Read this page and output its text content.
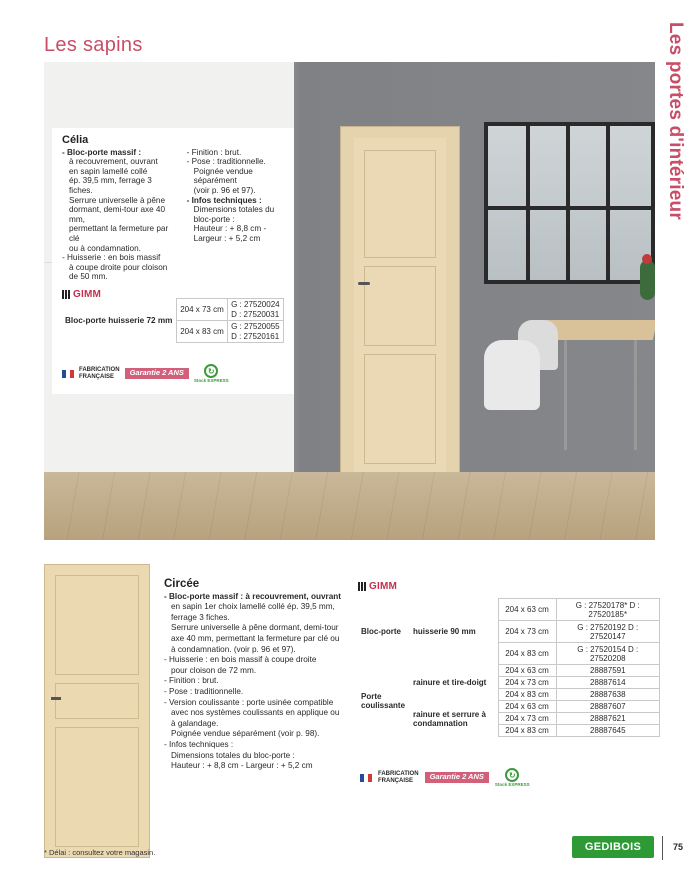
Les sapins	Les portes d'intérieur
Célia
- Bloc-porte massif :
à recouvrement, ouvrant
en sapin lamellé collé
ép. 39,5 mm, ferrage 3 fiches.
Serrure universelle à pêne
dormant, demi-tour axe 40 mm,
permettant la fermeture par clé
ou à condamnation.
- Huisserie : en bois massif
à coupe droite pour cloison
de 50 mm.
- Finition : brut.
- Pose : traditionnelle.
Poignée vendue séparément
(voir p. 96 et 97).
- Infos techniques :
Dimensions totales du
bloc-porte :
Hauteur : + 8,8 cm -
Largeur : + 5,2 cm
GIMM
Bloc-porte huisserie 72 mm	204 x 73 cm	G : 27520024
D : 27520031

	204 x 83 cm	G : 27520055
D : 27520161
FABRICATION
FRANÇAISE	Garantie 2 ANS	↻
Stock EXPRESS
Circée

- Bloc-porte massif : à recouvrement, ouvrant

en sapin 1er choix lamellé collé ép. 39,5 mm,

ferrage 3 fiches.

Serrure universelle à pêne dormant, demi-tour

axe 40 mm, permettant la fermeture par clé ou

à condamnation. (voir p. 96 et 97).

- Huisserie : en bois massif à coupe droite

pour cloison de 72 mm.

- Finition : brut.

- Pose : traditionnelle.

- Version coulissante : porte usinée compatible

avec nos systèmes coulissants en applique ou

à galandage.

Poignée vendue séparément (voir p. 98).

- Infos techniques :

Dimensions totales du bloc-porte :

Hauteur : + 8,8 cm - Largeur : + 5,2 cm

GIMM
Bloc-porte	huisserie 90 mm	204 x 63 cm	G : 27520178* D : 27520185*
		204 x 73 cm	G : 27520192 D : 27520147
		204 x 83 cm	G : 27520154 D : 27520208
Porte coulissante	rainure et tire-doigt	204 x 63 cm	28887591
		204 x 73 cm	28887614
		204 x 83 cm	28887638
	rainure et serrure à condamnation	204 x 63 cm	28887607
		204 x 73 cm	28887621
		204 x 83 cm	28887645
FABRICATION
FRANÇAISE	Garantie 2 ANS	↻
Stock EXPRESS
* Délai : consultez votre magasin.	GEDIBOIS	75
